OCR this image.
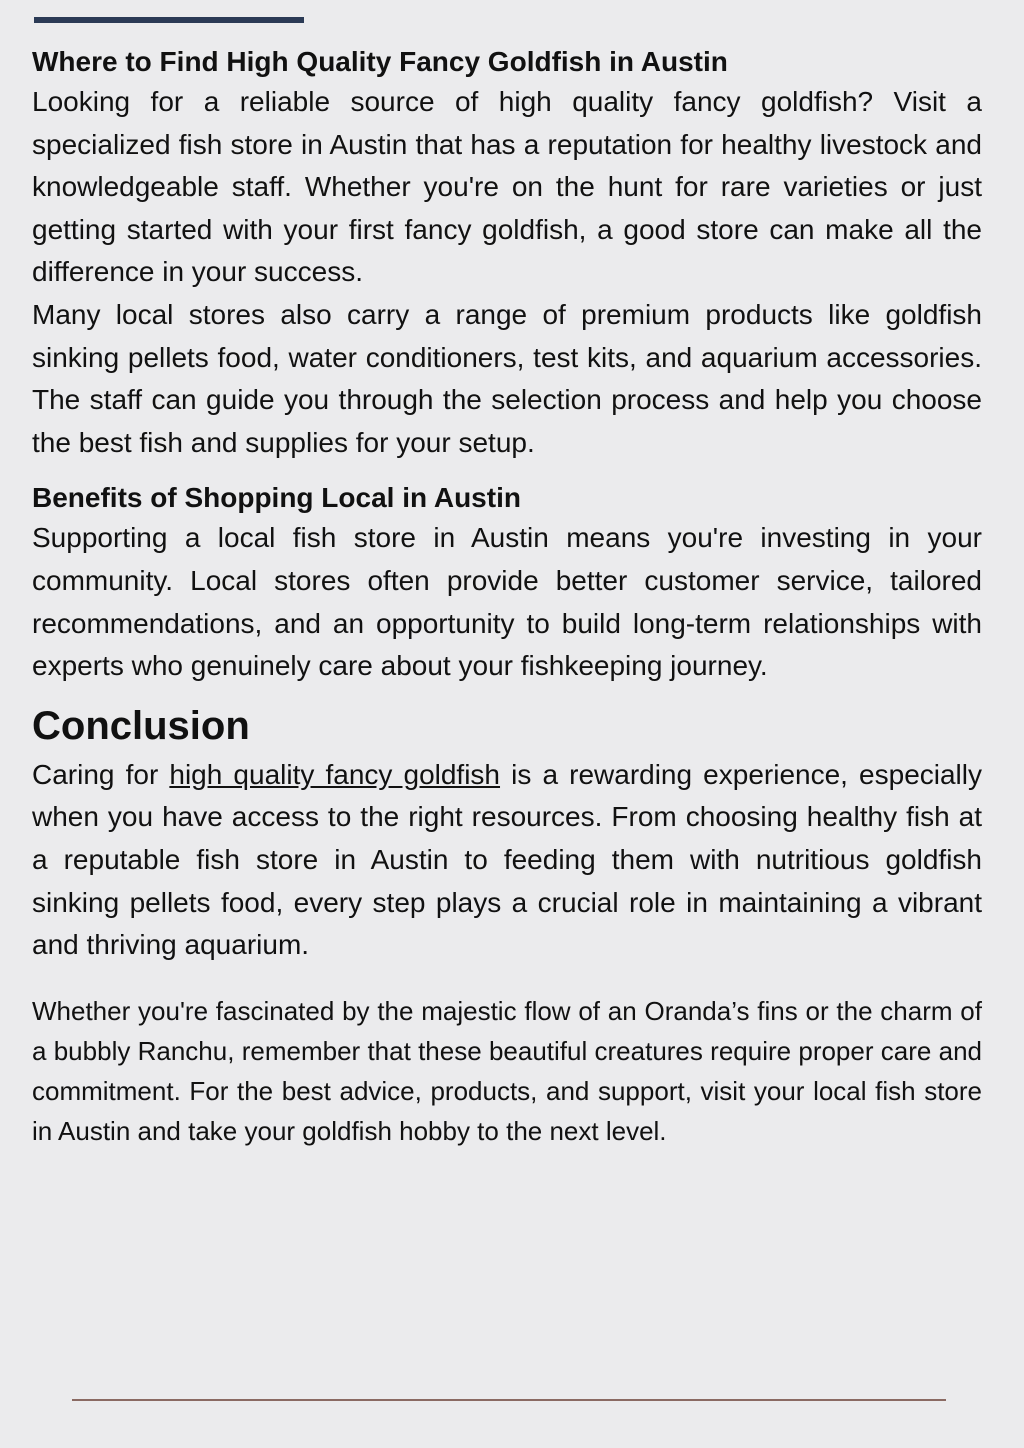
Where to Find High Quality Fancy Goldfish in Austin

Looking for a reliable source of high quality fancy goldfish? Visit a specialized fish store in Austin that has a reputation for healthy livestock and knowledgeable staff. Whether you're on the hunt for rare varieties or just getting started with your first fancy goldfish, a good store can make all the difference in your success.

Many local stores also carry a range of premium products like goldfish sinking pellets food, water conditioners, test kits, and aquarium accessories. The staff can guide you through the selection process and help you choose the best fish and supplies for your setup.

Benefits of Shopping Local in Austin

Supporting a local fish store in Austin means you're investing in your community. Local stores often provide better customer service, tailored recommendations, and an opportunity to build long-term relationships with experts who genuinely care about your fishkeeping journey.

Conclusion

Caring for high quality fancy goldfish is a rewarding experience, especially when you have access to the right resources. From choosing healthy fish at a reputable fish store in Austin to feeding them with nutritious goldfish sinking pellets food, every step plays a crucial role in maintaining a vibrant and thriving aquarium.

Whether you're fascinated by the majestic flow of an Oranda’s fins or the charm of a bubbly Ranchu, remember that these beautiful creatures require proper care and commitment. For the best advice, products, and support, visit your local fish store in Austin and take your goldfish hobby to the next level.
